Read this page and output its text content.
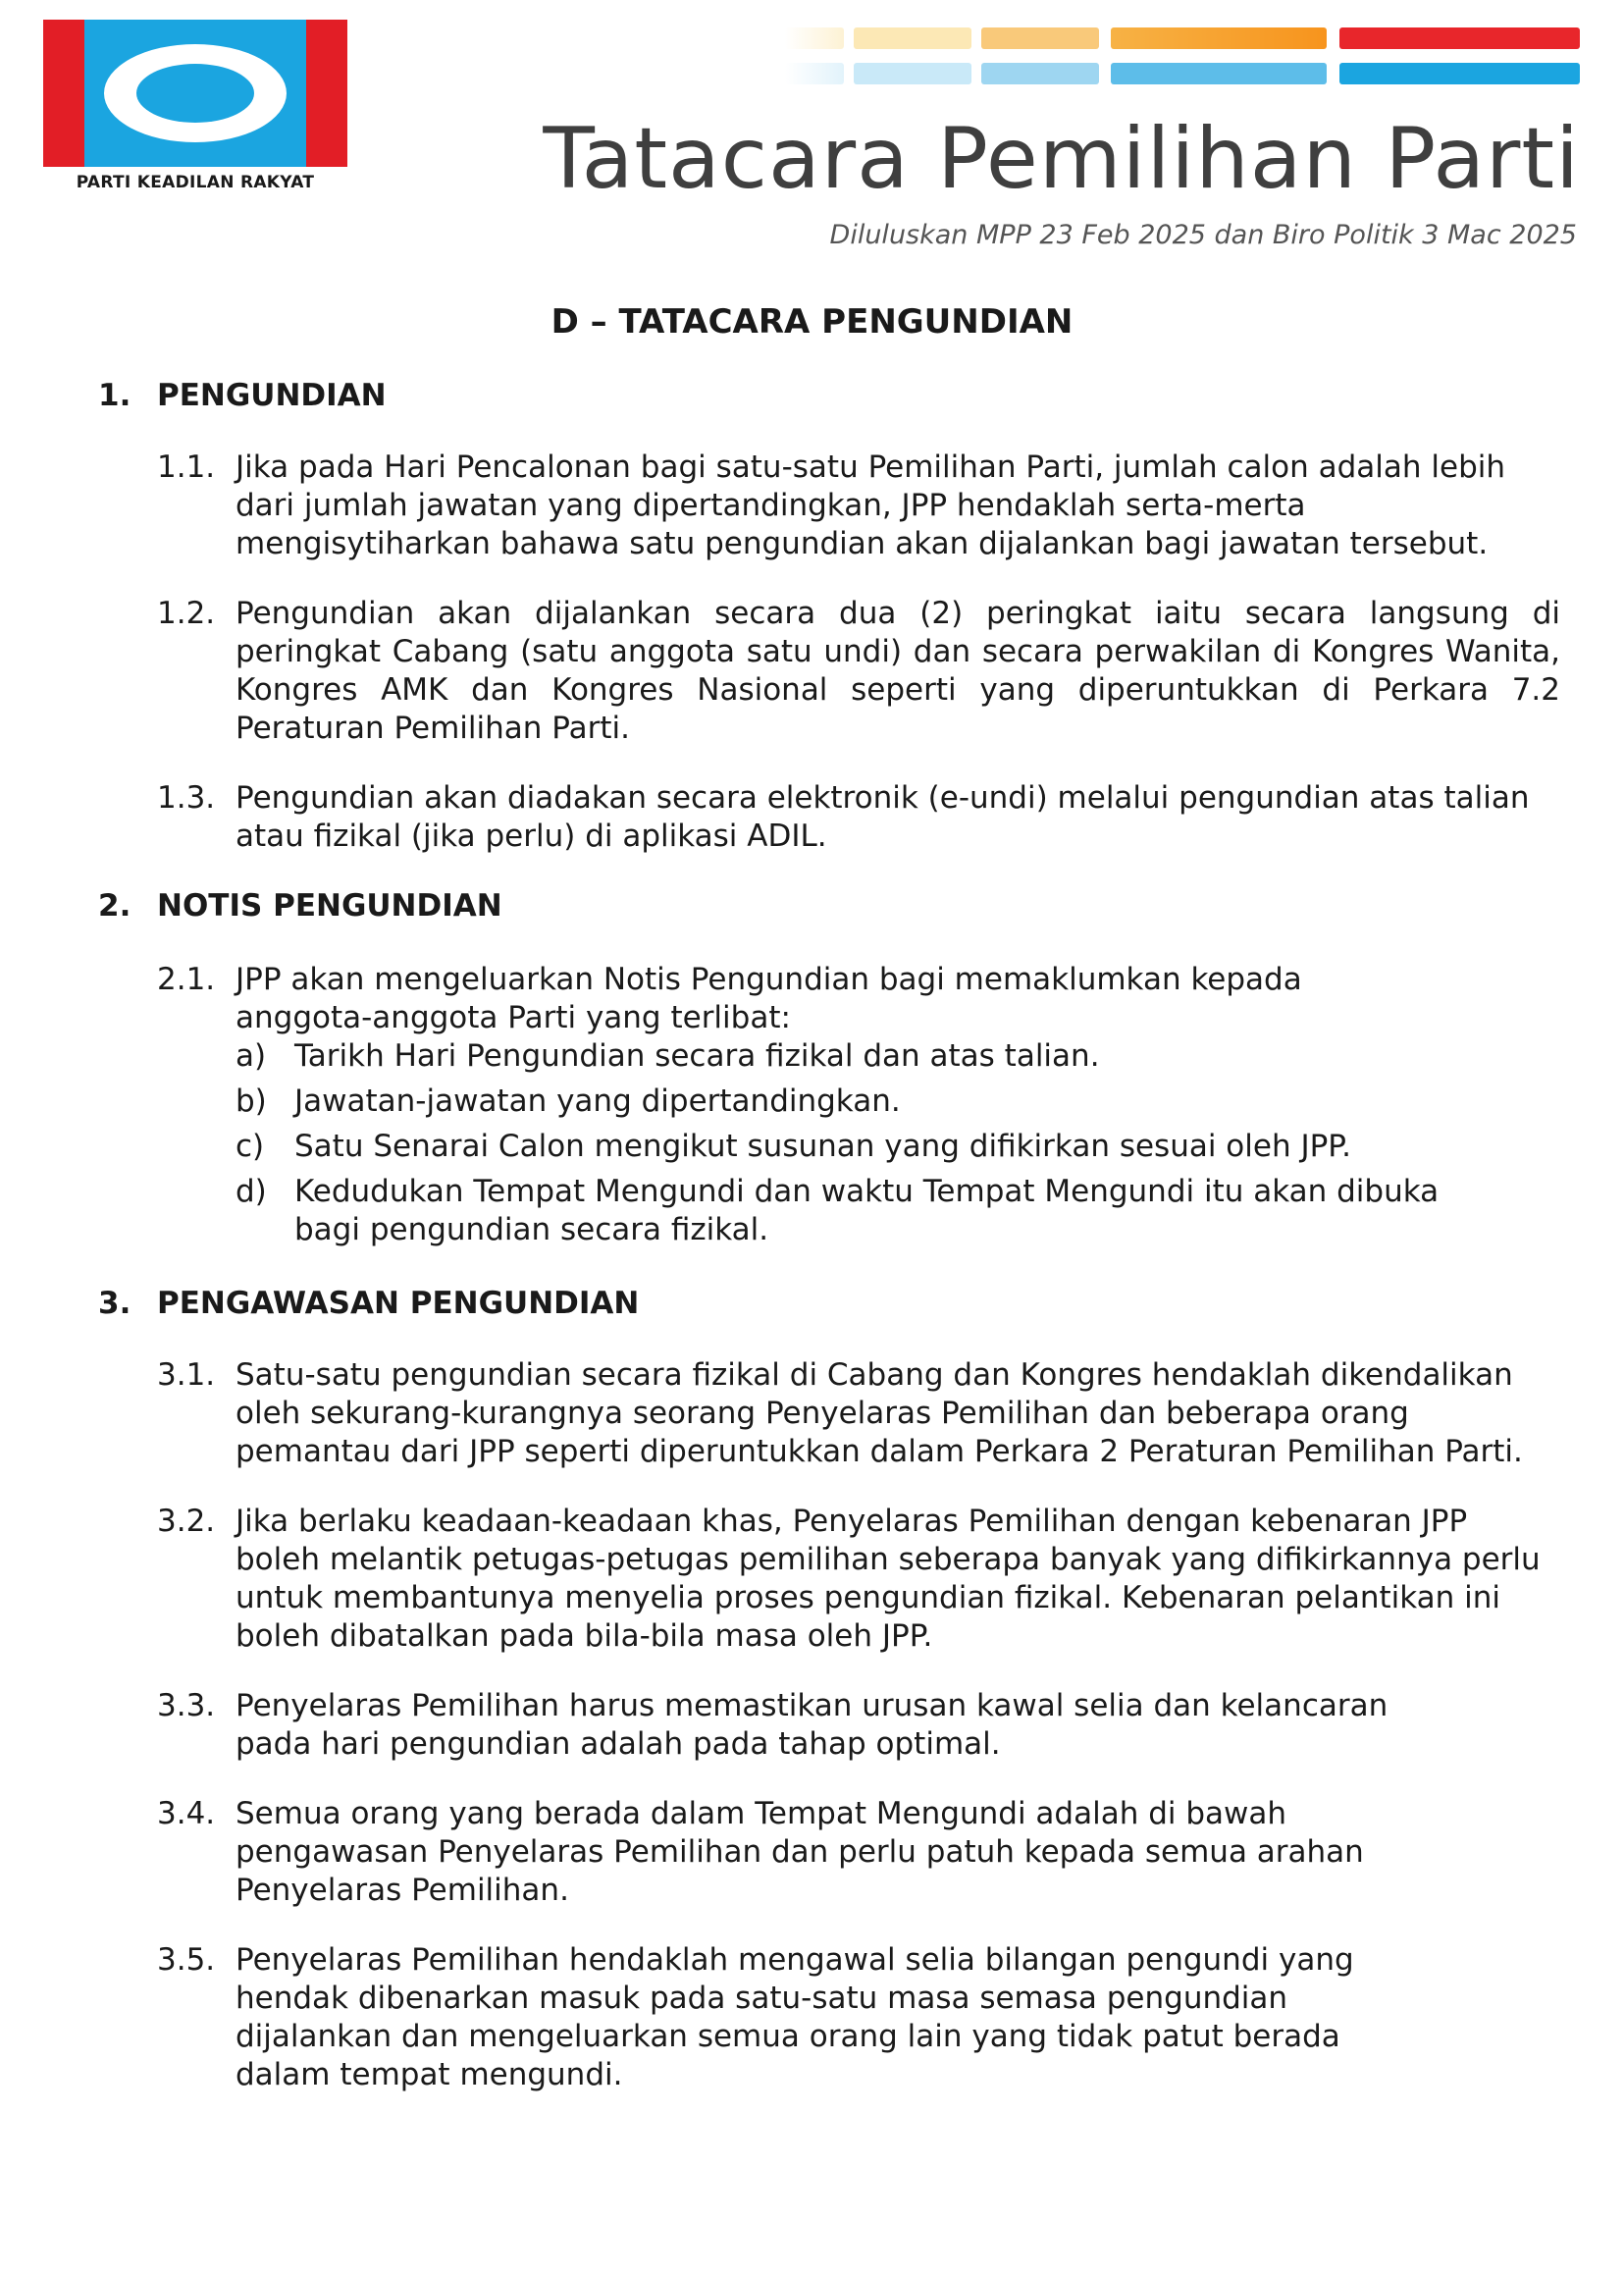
PARTI KEADILAN RAKYAT	Tatacara Pemilihan Parti
Diluluskan MPP 23 Feb 2025 dan Biro Politik 3 Mac 2025
D – TATACARA PENGUNDIAN
1. PENGUNDIAN
1.1. Jika pada Hari Pencalonan bagi satu-satu Pemilihan Parti, jumlah calon adalah lebih dari jumlah jawatan yang dipertandingkan, JPP hendaklah serta-merta mengisytiharkan bahawa satu pengundian akan dijalankan bagi jawatan tersebut.
1.2. Pengundian akan dijalankan secara dua (2) peringkat iaitu secara langsung di peringkat Cabang (satu anggota satu undi) dan secara perwakilan di Kongres Wanita, Kongres AMK dan Kongres Nasional seperti yang diperuntukkan di Perkara 7.2 Peraturan Pemilihan Parti.
1.3. Pengundian akan diadakan secara elektronik (e-undi) melalui pengundian atas talian atau fizikal (jika perlu) di aplikasi ADIL.
2. NOTIS PENGUNDIAN
2.1. JPP akan mengeluarkan Notis Pengundian bagi memaklumkan kepada anggota-anggota Parti yang terlibat:
a) Tarikh Hari Pengundian secara fizikal dan atas talian.
b) Jawatan-jawatan yang dipertandingkan.
c) Satu Senarai Calon mengikut susunan yang difikirkan sesuai oleh JPP.
d) Kedudukan Tempat Mengundi dan waktu Tempat Mengundi itu akan dibuka bagi pengundian secara fizikal.
3. PENGAWASAN PENGUNDIAN
3.1. Satu-satu pengundian secara fizikal di Cabang dan Kongres hendaklah dikendalikan oleh sekurang-kurangnya seorang Penyelaras Pemilihan dan beberapa orang pemantau dari JPP seperti diperuntukkan dalam Perkara 2 Peraturan Pemilihan Parti.
3.2. Jika berlaku keadaan-keadaan khas, Penyelaras Pemilihan dengan kebenaran JPP boleh melantik petugas-petugas pemilihan seberapa banyak yang difikirkannya perlu untuk membantunya menyelia proses pengundian fizikal. Kebenaran pelantikan ini boleh dibatalkan pada bila-bila masa oleh JPP.
3.3. Penyelaras Pemilihan harus memastikan urusan kawal selia dan kelancaran pada hari pengundian adalah pada tahap optimal.
3.4. Semua orang yang berada dalam Tempat Mengundi adalah di bawah pengawasan Penyelaras Pemilihan dan perlu patuh kepada semua arahan Penyelaras Pemilihan.
3.5. Penyelaras Pemilihan hendaklah mengawal selia bilangan pengundi yang hendak dibenarkan masuk pada satu-satu masa semasa pengundian dijalankan dan mengeluarkan semua orang lain yang tidak patut berada dalam tempat mengundi.
